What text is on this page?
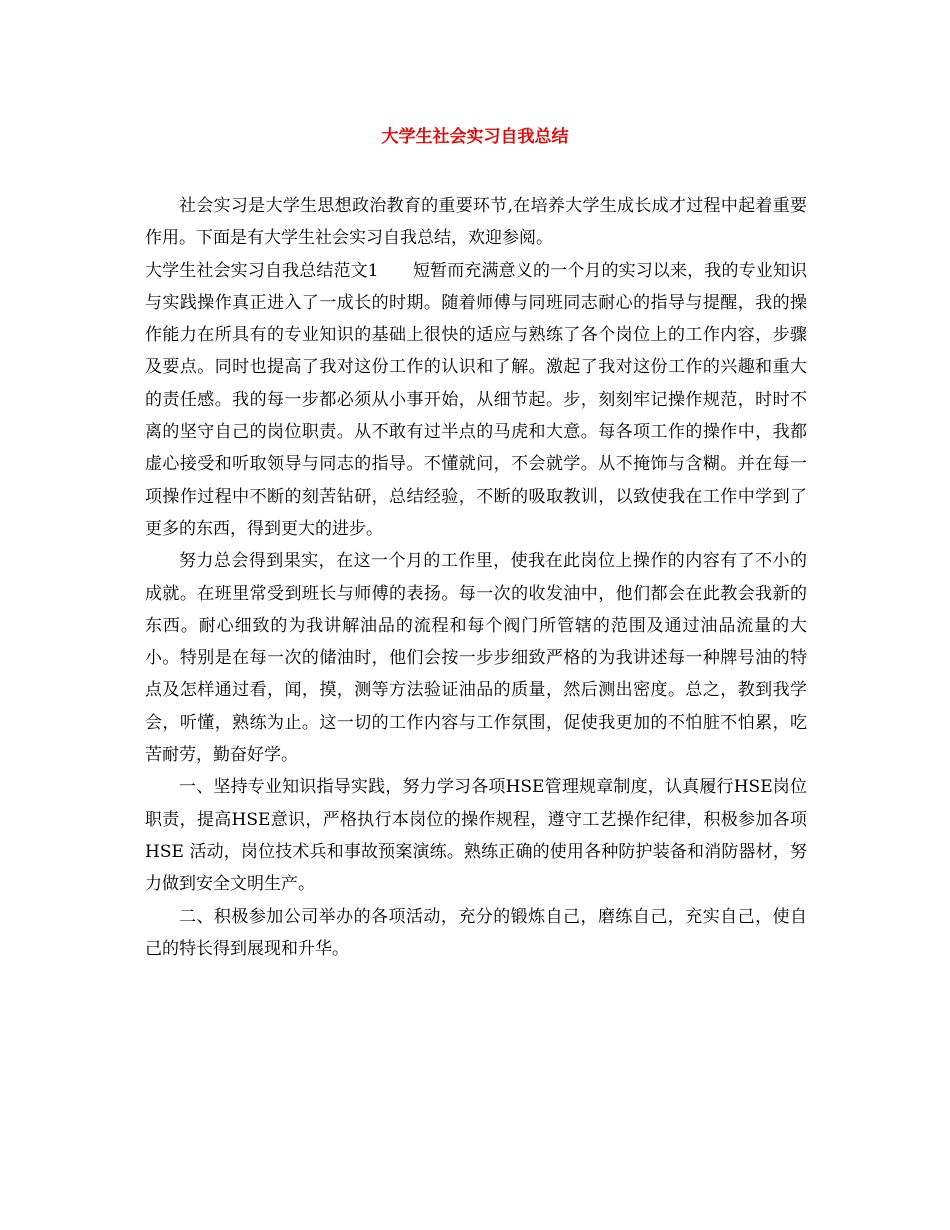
大学生社会实习自我总结

社会实习是大学生思想政治教育的重要环节,在培养大学生成长成才过程中起着重要作用。下面是有大学生社会实习自我总结，欢迎参阅。

大学生社会实习自我总结范文1　　短暂而充满意义的一个月的实习以来，我的专业知识与实践操作真正进入了一成长的时期。随着师傅与同班同志耐心的指导与提醒，我的操作能力在所具有的专业知识的基础上很快的适应与熟练了各个岗位上的工作内容，步骤及要点。同时也提高了我对这份工作的认识和了解。激起了我对这份工作的兴趣和重大的责任感。我的每一步都必须从小事开始，从细节起。步，刻刻牢记操作规范，时时不离的坚守自己的岗位职责。从不敢有过半点的马虎和大意。每各项工作的操作中，我都虚心接受和听取领导与同志的指导。不懂就问，不会就学。从不掩饰与含糊。并在每一项操作过程中不断的刻苦钻研，总结经验，不断的吸取教训，以致使我在工作中学到了更多的东西，得到更大的进步。

努力总会得到果实，在这一个月的工作里，使我在此岗位上操作的内容有了不小的成就。在班里常受到班长与师傅的表扬。每一次的收发油中，他们都会在此教会我新的东西。耐心细致的为我讲解油品的流程和每个阀门所管辖的范围及通过油品流量的大小。特别是在每一次的储油时，他们会按一步步细致严格的为我讲述每一种牌号油的特点及怎样通过看，闻，摸，测等方法验证油品的质量，然后测出密度。总之，教到我学会，听懂，熟练为止。这一切的工作内容与工作氛围，促使我更加的不怕脏不怕累，吃苦耐劳，勤奋好学。

一、坚持专业知识指导实践，努力学习各项HSE管理规章制度，认真履行HSE岗位职责，提高HSE意识，严格执行本岗位的操作规程，遵守工艺操作纪律，积极参加各项HSE 活动，岗位技术兵和事故预案演练。熟练正确的使用各种防护装备和消防器材，努力做到安全文明生产。

二、积极参加公司举办的各项活动，充分的锻炼自己，磨练自己，充实自己，使自己的特长得到展现和升华。
